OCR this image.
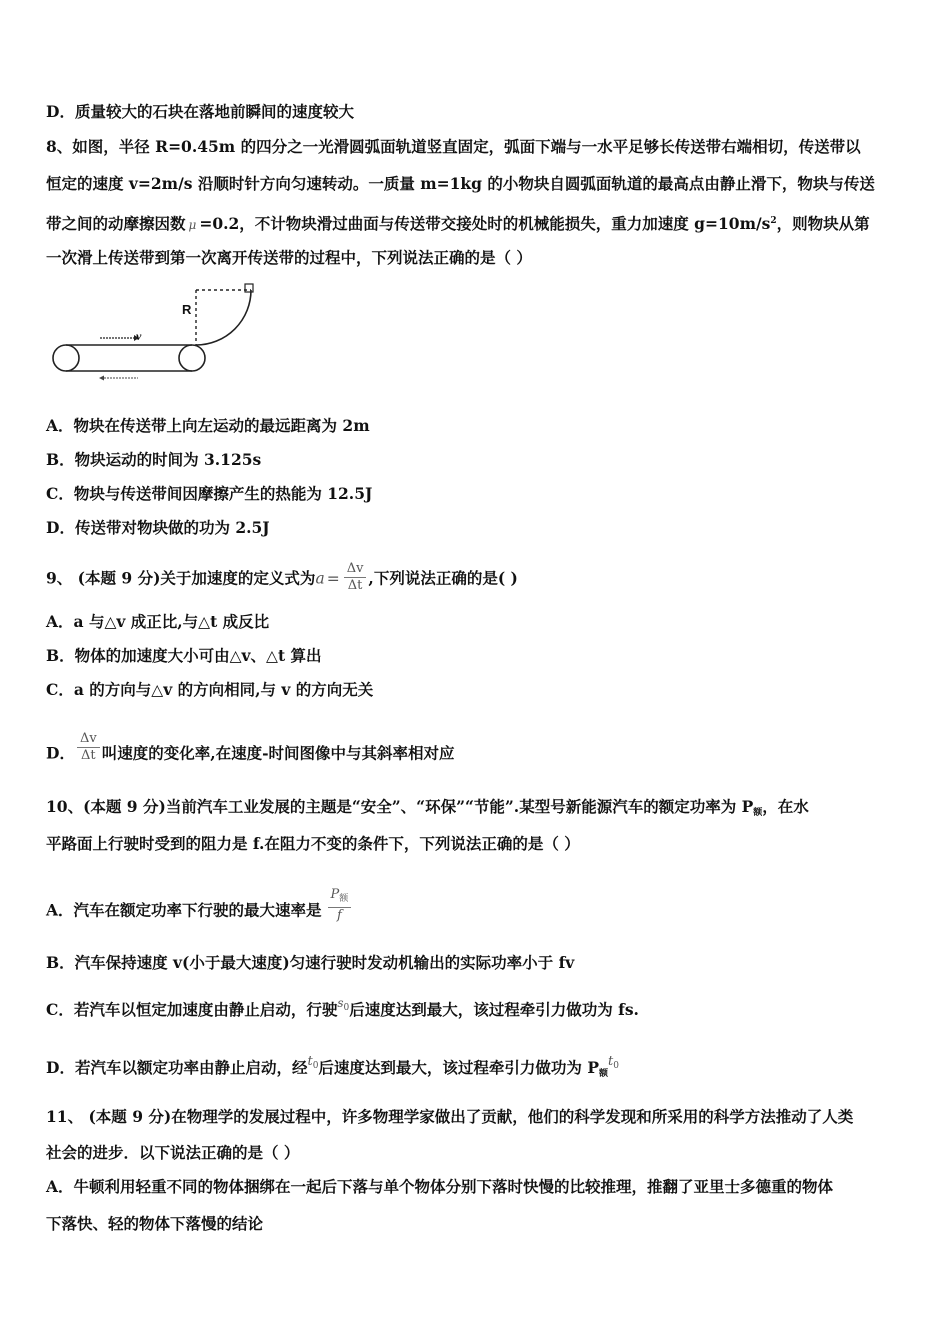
D．质量较大的石块在落地前瞬间的速度较大
8、如图，半径 R=0.45m 的四分之一光滑圆弧面轨道竖直固定，弧面下端与一水平足够长传送带右端相切，传送带以
恒定的速度 v=2m/s 沿顺时针方向匀速转动。一质量 m=1kg 的小物块自圆弧面轨道的最高点由静止滑下，物块与传送
带之间的动摩擦因数 μ =0.2，不计物块滑过曲面与传送带交接处时的机械能损失，重力加速度 $g=10m/s^2$，则物块从第
一次滑上传送带到第一次离开传送带的过程中，下列说法正确的是（ ）
R
v
A．物块在传送带上向左运动的最远距离为 2m
B．物块运动的时间为 3.125s
C．物块与传送带间因摩擦产生的热能为 12.5J
D．传送带对物块做的功为 2.5J
9、 (本题 9 分)关于加速度的定义式为$a = \frac{\Delta v}{\Delta t}$ ,下列说法正确的是( )
A．a 与△v 成正比,与△t 成反比
B．物体的加速度大小可由△v、△t 算出
C．a 的方向与△v 的方向相同,与 v 的方向无关
D． $\frac{\Delta v}{\Delta t}$ 叫速度的变化率,在速度-时间图像中与其斜率相对应
10、(本题 9 分)当前汽车工业发展的主题是“安全”、“环保”“节能”.某型号新能源汽车的额定功率为 $P_额$，在水
平路面上行驶时受到的阻力是 f.在阻力不变的条件下，下列说法正确的是（ ）
A．汽车在额定功率下行驶的最大速率是 $\frac{P_额}{f}$
B．汽车保持速度 v(小于最大速度)匀速行驶时发动机输出的实际功率小于 fv
C．若汽车以恒定加速度由静止启动，行驶$^{s_0}$后速度达到最大，该过程牵引力做功为 fs.
D．若汽车以额定功率由静止启动，经$^{t_0}$后速度达到最大，该过程牵引力做功为 $P_额^{t_0}$
11、 (本题 9 分)在物理学的发展过程中，许多物理学家做出了贡献，他们的科学发现和所采用的科学方法推动了人类
社会的进步．以下说法正确的是（ ）
A．牛顿利用轻重不同的物体捆绑在一起后下落与单个物体分别下落时快慢的比较推理，推翻了亚里士多德重的物体
下落快、轻的物体下落慢的结论
